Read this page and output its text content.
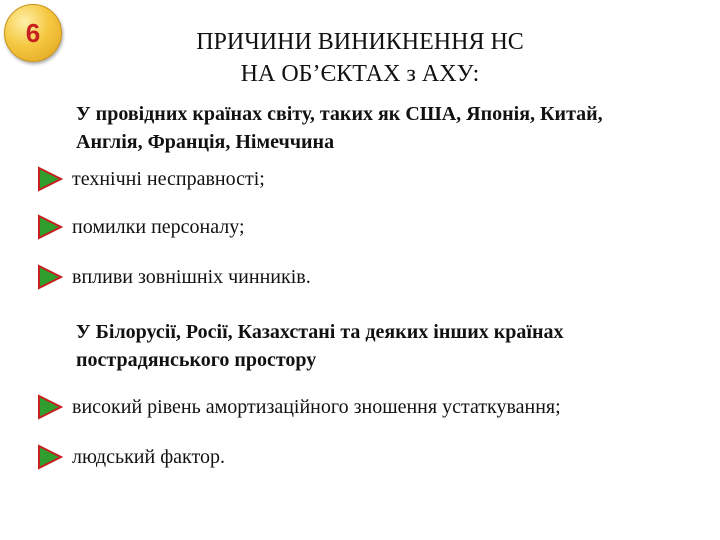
6	ПРИЧИНИ ВИНИКНЕННЯ НС
НА ОБ’ЄКТАХ з АХУ:
У провідних країнах світу, таких як США, Японія, Китай,
Англія, Франція, Німеччина
технічні несправності;
помилки персоналу;
впливи зовнішніх чинників.
У Білорусії, Росії, Казахстані та деяких інших країнах
пострадянського простору
високий рівень амортизаційного зношення устаткування;
людський фактор.
